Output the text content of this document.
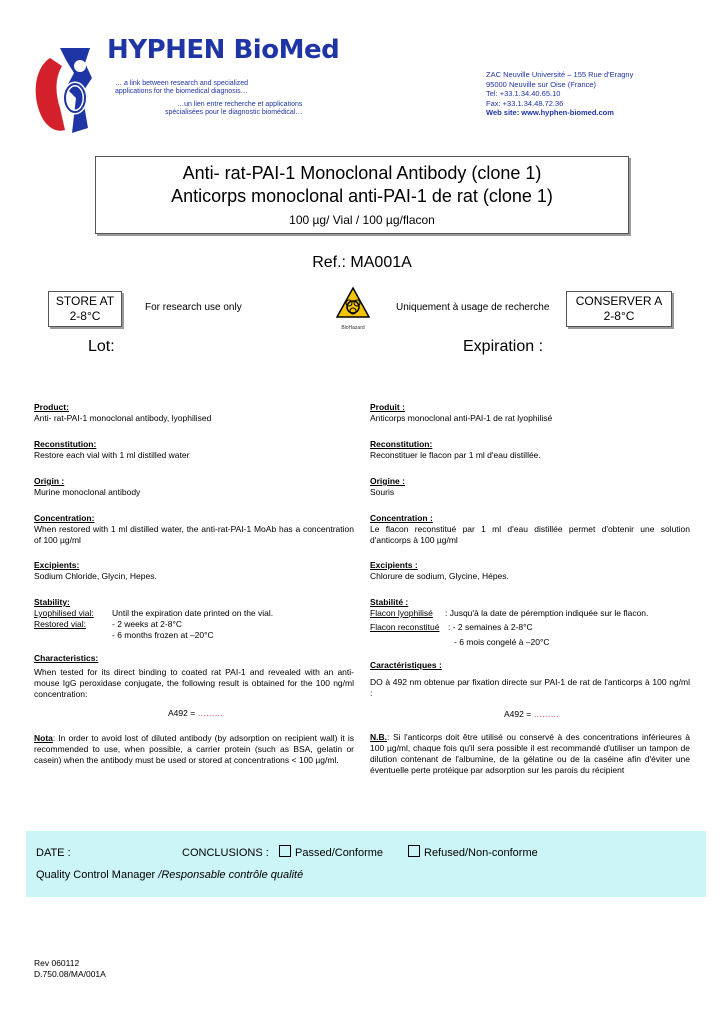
HYPHEN BioMed
… a link between research and specialized
applications for the biomedical diagnosis…
…un lien entre recherche et applications
spécialisées pour le diagnostic biomédical…
ZAC Neuville Université – 155 Rue d'Eragny
95000 Neuville sur Oise (France)
Tel: +33.1.34.40.65.10
Fax: +33.1.34.48.72.36
Web site: www.hyphen-biomed.com
Anti- rat-PAI-1 Monoclonal Antibody (clone 1)
Anticorps monoclonal anti-PAI-1 de rat (clone 1)
100 µg/ Vial / 100 µg/flacon
Ref.: MA001A
STORE AT
2-8°C
For research use only
BioHazard
Uniquement à usage de recherche	CONSERVER A
2-8°C
Lot:	Expiration :

Product:

Anti- rat-PAI-1 monoclonal antibody, lyophilised

Reconstitution:

Restore each vial with 1 ml distilled water

Origin :

Murine monoclonal antibody

Concentration:

When restored with 1 ml distilled water, the anti-rat-PAI-1 MoAb has a concentration of 100 µg/ml

Excipients:

Sodium Chloride, Glycin, Hepes.

Stability:

Lyophilised vial: Until the expiration date printed on the vial.
Restored vial:	- 2 weeks at 2-8°C
- 6 months frozen at –20°C

Characteristics:

When tested for its direct binding to coated rat PAI-1 and revealed with an anti-mouse IgG peroxidase conjugate, the following result is obtained for the 100 ng/ml concentration:

A492 = ………

Nota: In order to avoid lost of diluted antibody (by adsorption on recipient wall) it is recommended to use, when possible, a carrier protein (such as BSA, gelatin or casein) when the antibody must be used or stored at concentrations < 100 µg/ml.

Produit :

Anticorps monoclonal anti-PAI-1 de rat lyophilisé

Reconstitution:

Reconstituer le flacon par 1 ml d'eau distillée.

Origine :

Souris

Concentration :

Le flacon reconstitué par 1 ml d'eau distillée permet d'obtenir une solution d'anticorps à 100 µg/ml

Excipients :

Chlorure de sodium, Glycine, Hépes.

Stabilité :

Flacon lyophilisé : Jusqu'à la date de péremption indiquée sur le flacon.
Flacon reconstitué : - 2 semaines à 2-8°C
- 6 mois congelé à –20°C

Caractéristiques :

DO à 492 nm obtenue par fixation directe sur PAI-1 de rat de l'anticorps à 100 ng/ml :

A492 = ………

N.B.: Si l'anticorps doit être utilisé ou conservé à des concentrations inférieures à 100 µg/ml, chaque fois qu'il sera possible il est recommandé d'utiliser un tampon de dilution contenant de l'albumine, de la gélatine ou de la caséine afin d'éviter une éventuelle perte protéique par adsorption sur les parois du récipient

DATE :	CONCLUSIONS :	Passed/Conforme	Refused/Non-conforme
Quality Control Manager /Responsable contrôle qualité
Rev 060112
D.750.08/MA/001A
